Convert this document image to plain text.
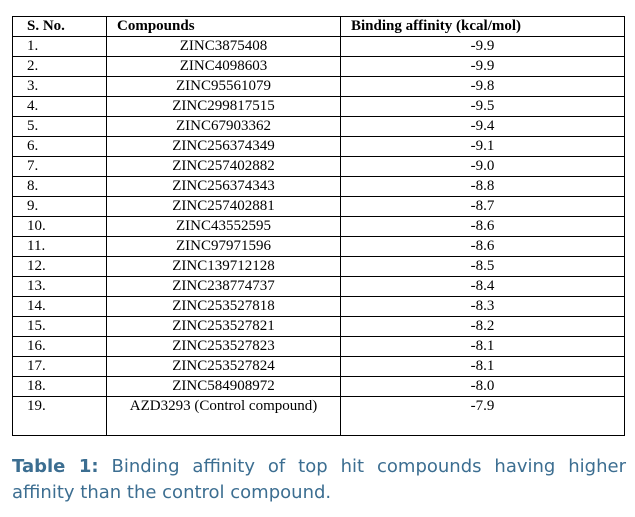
S. No.	Compounds	Binding affinity (kcal/mol)
1.	ZINC3875408	-9.9
2.	ZINC4098603	-9.9
3.	ZINC95561079	-9.8
4.	ZINC299817515	-9.5
5.	ZINC67903362	-9.4
6.	ZINC256374349	-9.1
7.	ZINC257402882	-9.0
8.	ZINC256374343	-8.8
9.	ZINC257402881	-8.7
10.	ZINC43552595	-8.6
11.	ZINC97971596	-8.6
12.	ZINC139712128	-8.5
13.	ZINC238774737	-8.4
14.	ZINC253527818	-8.3
15.	ZINC253527821	-8.2
16.	ZINC253527823	-8.1
17.	ZINC253527824	-8.1
18.	ZINC584908972	-8.0
19.	AZD3293 (Control compound)	-7.9
Table 1: Binding affinity of top hit compounds having higher affinity than the control compound.
